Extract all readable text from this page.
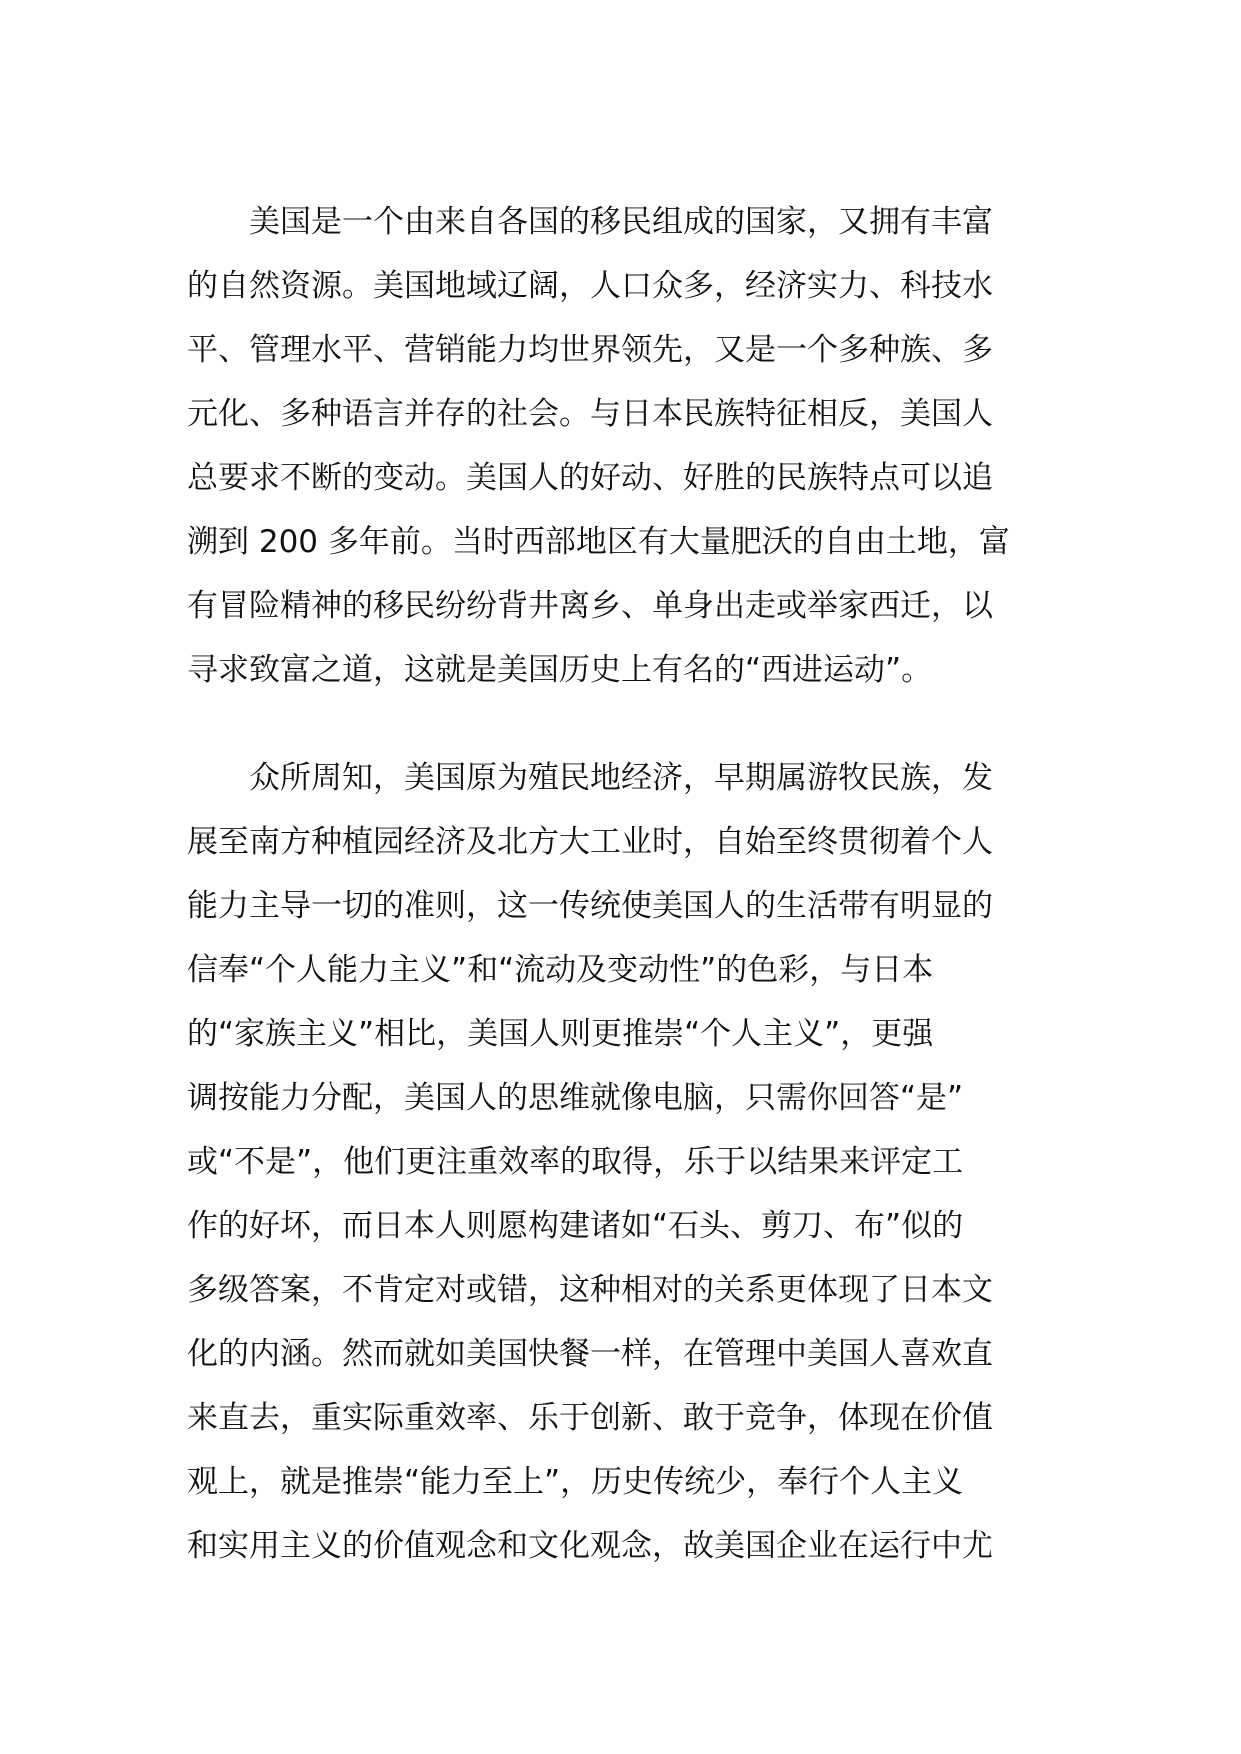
美国是一个由来自各国的移民组成的国家，又拥有丰富
的自然资源。美国地域辽阔，人口众多，经济实力、科技水
平、管理水平、营销能力均世界领先，又是一个多种族、多
元化、多种语言并存的社会。与日本民族特征相反，美国人
总要求不断的变动。美国人的好动、好胜的民族特点可以追
溯到 200 多年前。当时西部地区有大量肥沃的自由土地，富
有冒险精神的移民纷纷背井离乡、单身出走或举家西迁，以
寻求致富之道，这就是美国历史上有名的“西进运动”。
众所周知，美国原为殖民地经济，早期属游牧民族，发
展至南方种植园经济及北方大工业时，自始至终贯彻着个人
能力主导一切的准则，这一传统使美国人的生活带有明显的
信奉“个人能力主义”和“流动及变动性”的色彩，与日本
的“家族主义”相比，美国人则更推崇“个人主义”，更强
调按能力分配，美国人的思维就像电脑，只需你回答“是”
或“不是”，他们更注重效率的取得，乐于以结果来评定工
作的好坏，而日本人则愿构建诸如“石头、剪刀、布”似的
多级答案，不肯定对或错，这种相对的关系更体现了日本文
化的内涵。然而就如美国快餐一样，在管理中美国人喜欢直
来直去，重实际重效率、乐于创新、敢于竞争，体现在价值
观上，就是推崇“能力至上”，历史传统少，奉行个人主义
和实用主义的价值观念和文化观念，故美国企业在运行中尤
